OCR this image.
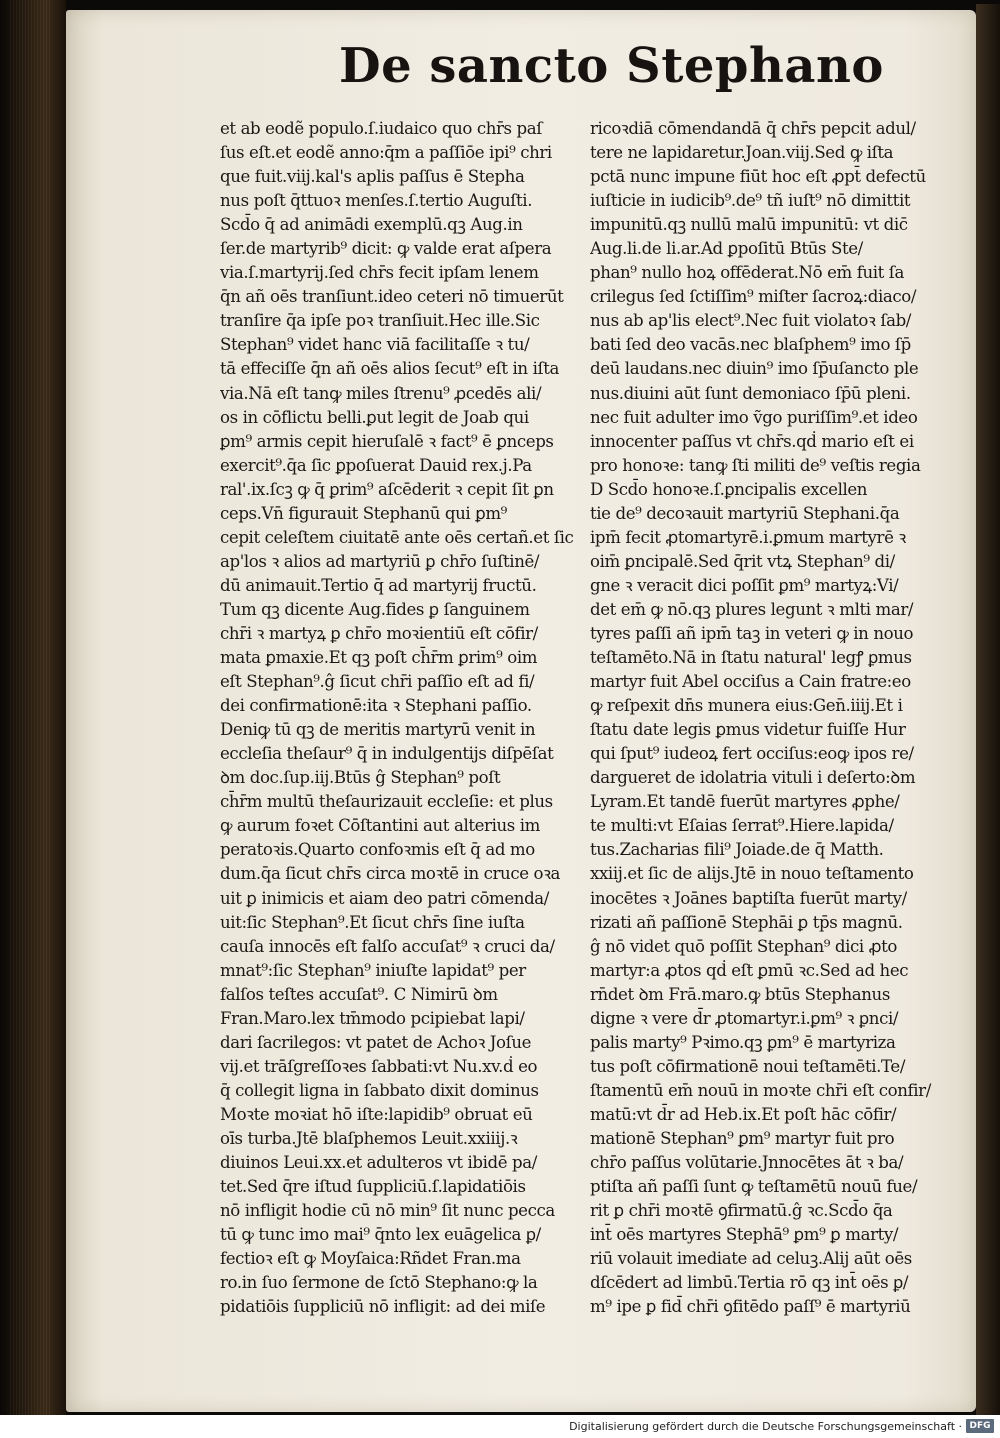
De sancto Stephano
et ab eodẽ populo.ſ.iudaico quo chr̄s paſ
ſus eſt.et eodẽ anno:q̄m a paſſiōe ipi⁹ chri
que fuit.viij.kal's aplis paſſus ē Stepha
nus poſt q̄ttuoꝛ menſes.ſ.tertio Auguſti.
Scd̄o q̄ ad animādi exemplū.qꝫ Aug.in
ſer.de martyrib⁹ dicit: ꝙ valde erat aſpera
via.ſ.martyrij.ſed chr̄s fecit ipſam lenem
q̄n añ oēs tranſiunt.ideo ceteri nō timuerūt
tranſire q̄a ipſe poꝛ tranſiuit.Hec ille.Sic
Stephan⁹ videt hanc viā facilitaſſe ꝛ tu/
tā effeciſſe q̄n añ oēs alios ſecut⁹ eſt in iſta
via.Nā eſt tanꝙ miles ſtrenu⁹ ꝓcedēs ali/
os in cōflictu belli.ꝑut legit de Joab qui
ꝑm⁹ armis cepit hieruſalē ꝛ fact⁹ ē ꝑnceps
exercit⁹.q̄a ſic ꝑpoſuerat Dauid rex.j.Pa
ral'.ix.ſcꝫ ꝙ q̄ ꝑrim⁹ aſcēderit ꝛ cepit ſit ꝑn
ceps.Vn̄ figurauit Stephanū qui ꝑm⁹
cepit celeſtem ciuitatē ante oēs certañ.et ſic
ap'los ꝛ alios ad martyriū ꝑ chr̄o ſuſtinē/
dū animauit.Tertio q̄ ad martyrij fructū.
Tum qꝫ dicente Aug.fides ꝑ ſanguinem
chr̄i ꝛ martyꝝ ꝑ chr̄o moꝛientiū eſt cōfir/
mata ꝑmaxie.Et qꝫ poſt ch̄r̄m ꝑrim⁹ oim
eſt Stephan⁹.ĝ ſicut chr̄i paſſio eſt ad fi/
dei confirmationē:ita ꝛ Stephani paſſio.
Deniꝙ tū qꝫ de meritis martyrū venit in
eccleſia theſaur⁹ q̄ in indulgentijs diſpēſat
ꝺm doc.ſup.iij.Btūs ĝ Stephan⁹ poſt
ch̄r̄m multū theſaurizauit eccleſie: et plus
ꝙ aurum foꝛet Cōſtantini aut alterius im
peratoꝛis.Quarto confoꝛmis eſt q̄ ad mo
dum.q̄a ſicut chr̄s circa moꝛtē in cruce oꝛa
uit ꝑ inimicis et aiam deo patri cōmenda/
uit:ſic Stephan⁹.Et ſicut chr̄s ſine iuſta
cauſa innocēs eſt falſo accuſat⁹ ꝛ cruci da/
mnat⁹:ſic Stephan⁹ iniuſte lapidat⁹ per
falſos teſtes accuſat⁹. C Nimirū ꝺm
Fran.Maro.lex tm̄modo pcipiebat lapi/
dari ſacrilegos: vt patet de Achoꝛ Joſue
vij.et trāſgreſſoꝛes ſabbati:vt Nu.xv.ḋ eo
q̄ collegit ligna in ſabbato dixit dominus
Moꝛte moꝛiat hō iſte:lapidib⁹ obruat eū
oīs turba.Jtē blaſphemos Leuit.xxiiij.ꝛ
diuinos Leui.xx.et adulteros vt ibidē pa/
tet.Sed q̄re iſtud ſuppliciū.ſ.lapidatiōis
nō infligit hodie cū nō min⁹ ſit nunc pecca
tū ꝙ tunc imo mai⁹ q̄nto lex euāgelica ꝑ/
fectioꝛ eſt ꝙ Moyſaica:Rñdet Fran.ma
ro.in ſuo ſermone de ſctō Stephano:ꝙ la
pidatiōis ſuppliciū nō infligit: ad dei miſe
ricoꝛdiā cōmendandā q̄ chr̄s pepcit adul/
tere ne lapidaretur.Joan.viij.Sed ꝙ iſta
pctā nunc impune fiūt hoc eſt ꝓpt̄ defectū
iuſticie in iudicib⁹.de⁹ tñ iuſt⁹ nō dimittit
impunitū.qꝫ nullū malū impunitū: vt dic̄
Aug.li.de li.ar.Ad ꝑpoſitū Btūs Ste/
phan⁹ nullo hoꝝ offēderat.Nō em̄ fuit ſa
crilegus ſed ſctiſſim⁹ miſter ſacroꝝ:diaco/
nus ab ap'lis elect⁹.Nec fuit violatoꝛ ſab/
bati ſed deo vacās.nec blaſphem⁹ imo ſp̄
deū laudans.nec diuin⁹ imo ſp̄uſancto ple
nus.diuini aūt ſunt demoniaco ſp̄ū pleni.
nec fuit adulter imo ṽgo puriſſim⁹.et ideo
innocenter paſſus vt chr̄s.qḋ mario eſt ei
pro honoꝛe: tanꝙ ſti militi de⁹ veſtis regia
D Scd̄o honoꝛe.ſ.ꝑncipalis excellen
tie de⁹ decoꝛauit martyriū Stephani.q̄a
ipm̄ fecit ꝓtomartyrē.i.ꝑmum martyrē ꝛ
oim̄ ꝑncipalē.Sed q̄rit vtꝝ Stephan⁹ di/
gne ꝛ veracit dici poſſit ꝑm⁹ martyꝝ:Vi/
det em̄ ꝙ nō.qꝫ plures legunt ꝛ mlti mar/
tyres paſſi añ ipm̄ taꝫ in veteri ꝙ in nouo
teſtamēto.Nā in ſtatu natural' legꝭ ꝑmus
martyr fuit Abel occiſus a Cain fratre:eo
ꝙ reſpexit dn̄s munera eius:Gen̄.iiij.Et i
ſtatu date legis ꝑmus videtur fuiſſe Hur
qui ſput⁹ iudeoꝝ fert occiſus:eoꝙ ipos re/
dargueret de idolatria vituli i deſerto:ꝺm
Lyram.Et tandē fuerūt martyres ꝓphe/
te multi:vt Eſaias ſerrat⁹.Hiere.lapida/
tus.Zacharias fili⁹ Joiade.de q̄ Matth.
xxiij.et ſic de alijs.Jtē in nouo teſtamento
inocētes ꝛ Joānes baptiſta fuerūt marty/
rizati añ paſſionē Stephāi ꝑ tp̄s magnū.
ĝ nō videt quō poſſit Stephan⁹ dici ꝓto
martyr:a ꝓtos qḋ eſt ꝑmū ꝛc.Sed ad hec
rn̄det ꝺm Frā.maro.ꝙ btūs Stephanus
digne ꝛ vere d̄r ꝓtomartyr.i.ꝑm⁹ ꝛ ꝑnci/
palis marty⁹ Pꝛimo.qꝫ ꝑm⁹ ē martyriza
tus poſt cōfirmationē noui teſtamēti.Te/
ſtamentū em̄ nouū in moꝛte chr̄i eſt confir/
matū:vt d̄r ad Heb.ix.Et poſt hāc cōfir/
mationē Stephan⁹ ꝑm⁹ martyr fuit pro
chr̄o paſſus volūtarie.Jnnocētes āt ꝛ ba/
ptiſta añ paſſi ſunt ꝙ teſtamētū nouū fue/
rit ꝑ chr̄i moꝛtē ꝯfirmatū.ĝ ꝛc.Scd̄o q̄a
int̄ oēs martyres Stephā⁹ ꝑm⁹ ꝑ marty/
riū volauit imediate ad celuꝫ.Alij aūt oēs
dſcēdert ad limbū.Tertia rō qꝫ int̄ oēs ꝑ/
m⁹ ipe ꝑ fid̄ chr̄i ꝯfitēdo paſſ⁹ ē martyriū
Digitalisierung gefördert durch die Deutsche Forschungsgemeinschaft · DFG
